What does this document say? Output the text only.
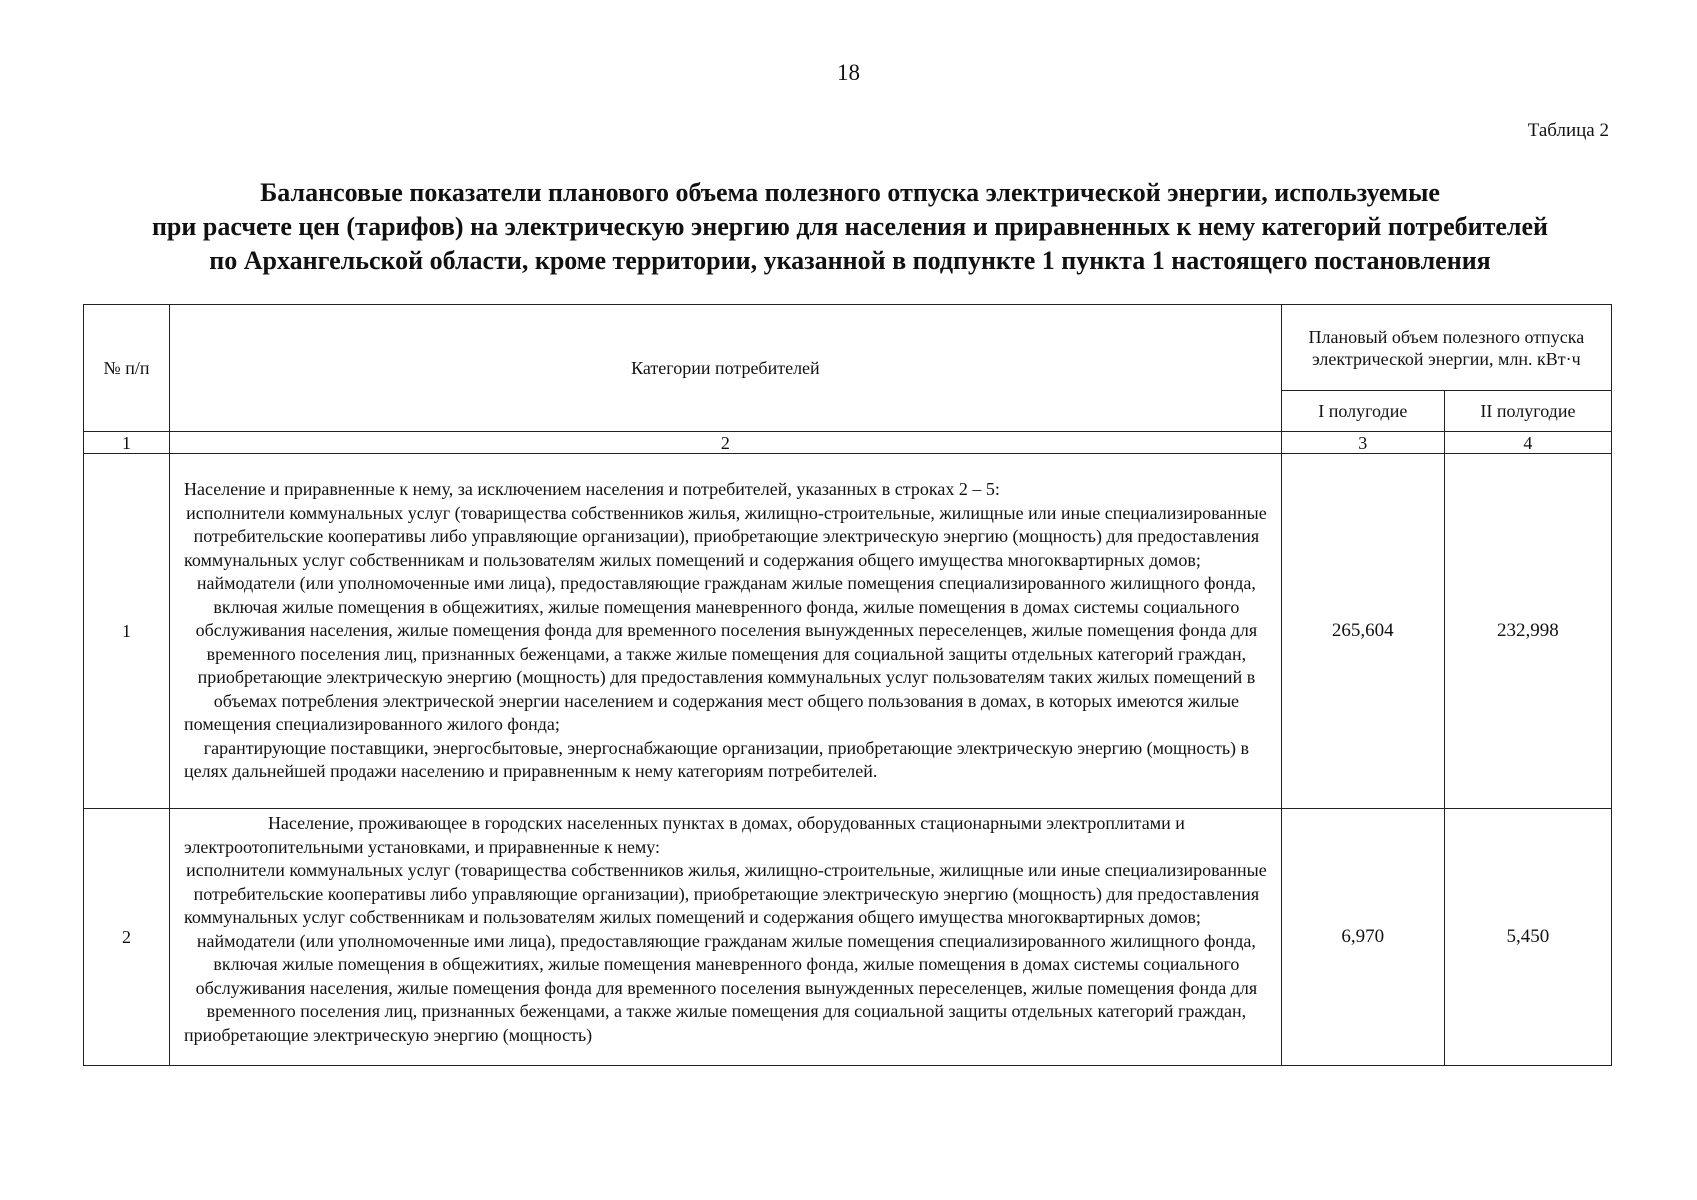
18
Таблица 2
Балансовые показатели планового объема полезного отпуска электрической энергии, используемые
при расчете цен (тарифов) на электрическую энергию для населения и приравненных к нему категорий потребителей
по Архангельской области, кроме территории, указанной в подпункте 1 пункта 1 настоящего постановления
№ п/п	Категории потребителей	Плановый объем полезного отпуска электрической энергии, млн. кВт·ч	
		I полугодие	II полугодие
1	2	3	4
1	Население и приравненные к нему, за исключением населения и потребителей, указанных в строках 2 – 5:

исполнители коммунальных услуг (товарищества собственников жилья, жилищно-строительные, жилищные или иные специализированные потребительские кооперативы либо управляющие организации), приобретающие электрическую энергию (мощность) для предоставления коммунальных услуг собственникам и пользователям жилых помещений и содержания общего имущества многоквартирных домов;

наймодатели (или уполномоченные ими лица), предоставляющие гражданам жилые помещения специализированного жилищного фонда, включая жилые помещения в общежитиях, жилые помещения маневренного фонда, жилые помещения в домах системы социального обслуживания населения, жилые помещения фонда для временного поселения вынужденных переселенцев, жилые помещения фонда для временного поселения лиц, признанных беженцами, а также жилые помещения для социальной защиты отдельных категорий граждан, приобретающие электрическую энергию (мощность) для предоставления коммунальных услуг пользователям таких жилых помещений в объемах потребления электрической энергии населением и содержания мест общего пользования в домах, в которых имеются жилые помещения специализированного жилого фонда;

гарантирующие поставщики, энергосбытовые, энергоснабжающие организации, приобретающие электрическую энергию (мощность) в целях дальнейшей продажи населению и приравненным к нему категориям потребителей.	265,604	232,998
2	Население, проживающее в городских населенных пунктах в домах, оборудованных стационарными электроплитами и электроотопительными установками, и приравненные к нему:

исполнители коммунальных услуг (товарищества собственников жилья, жилищно-строительные, жилищные или иные специализированные потребительские кооперативы либо управляющие организации), приобретающие электрическую энергию (мощность) для предоставления коммунальных услуг собственникам и пользователям жилых помещений и содержания общего имущества многоквартирных домов;

наймодатели (или уполномоченные ими лица), предоставляющие гражданам жилые помещения специализированного жилищного фонда, включая жилые помещения в общежитиях, жилые помещения маневренного фонда, жилые помещения в домах системы социального обслуживания населения, жилые помещения фонда для временного поселения вынужденных переселенцев, жилые помещения фонда для временного поселения лиц, признанных беженцами, а также жилые помещения для социальной защиты отдельных категорий граждан, приобретающие электрическую энергию (мощность)	6,970	5,450
